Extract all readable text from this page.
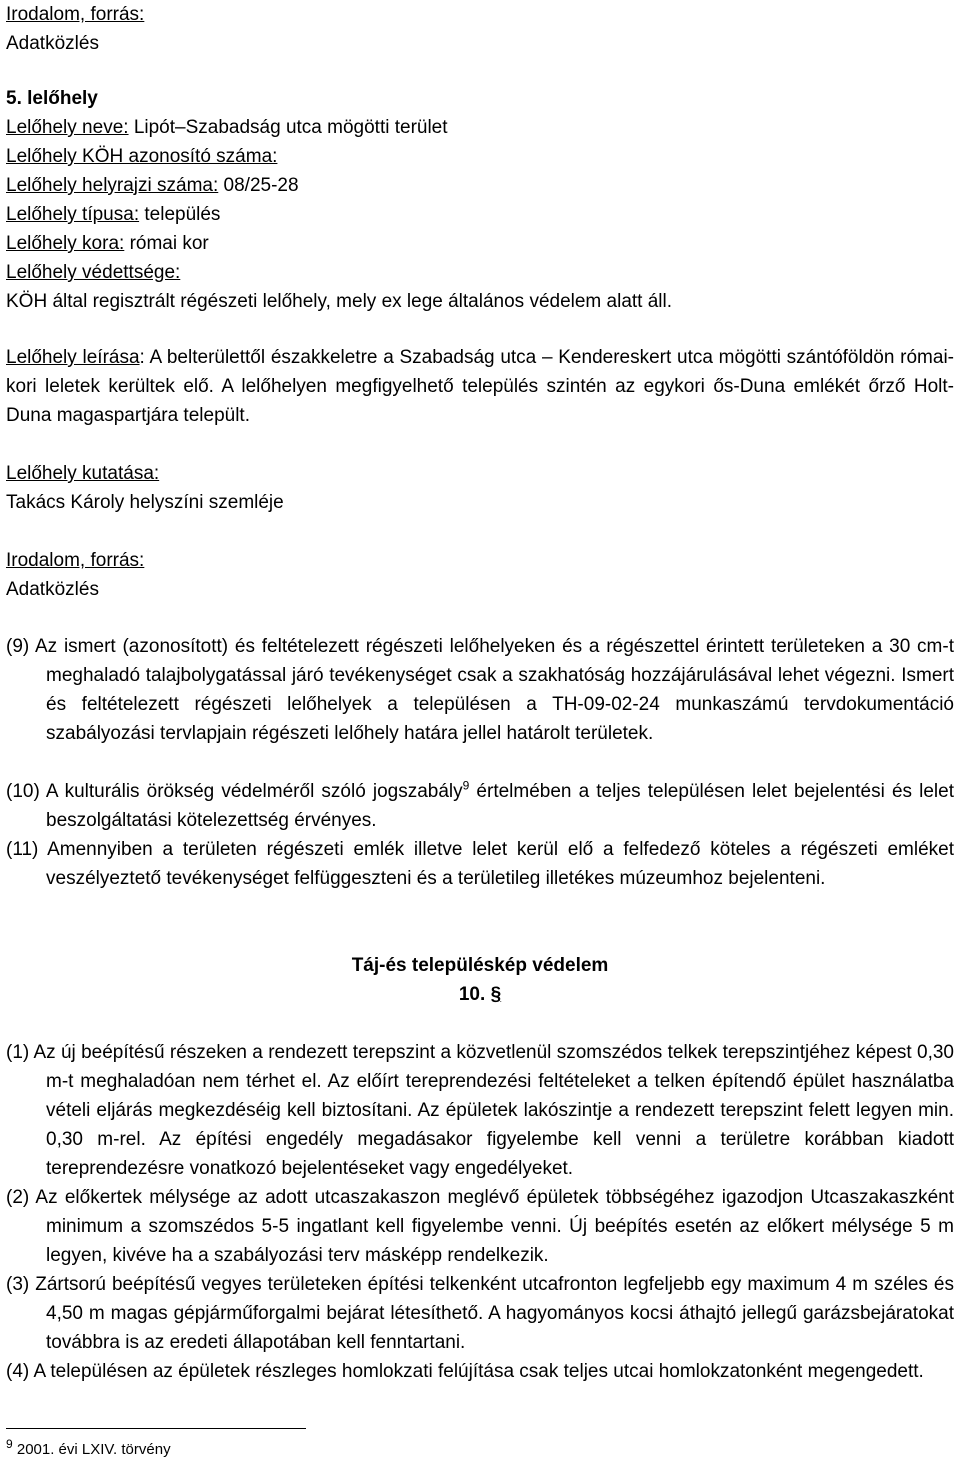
Irodalom, forrás:
Adatközlés
5. lelőhely
Lelőhely neve: Lipót–Szabadság utca mögötti terület
Lelőhely KÖH azonosító száma:
Lelőhely helyrajzi száma: 08/25-28
Lelőhely típusa: település
Lelőhely kora: római kor
Lelőhely védettsége:
KÖH által regisztrált régészeti lelőhely, mely ex lege általános védelem alatt áll.
Lelőhely leírása: A belterülettől északkeletre a Szabadság utca – Kendereskert utca mögötti szántóföldön római-kori leletek kerültek elő. A lelőhelyen megfigyelhető település szintén az egykori ős-Duna emlékét őrző Holt-Duna magaspartjára települt.
Lelőhely kutatása:
Takács Károly helyszíni szemléje
Irodalom, forrás:
Adatközlés
(9) Az ismert (azonosított) és feltételezett régészeti lelőhelyeken és a régészettel érintett területeken a 30 cm-t meghaladó talajbolygatással járó tevékenységet csak a szakhatóság hozzájárulásával lehet végezni. Ismert és feltételezett régészeti lelőhelyek a településen a TH-09-02-24 munkaszámú tervdokumentáció szabályozási tervlapjain régészeti lelőhely határa jellel határolt területek.
(10) A kulturális örökség védelméről szóló jogszabály$^9$ értelmében a teljes településen lelet bejelentési és lelet beszolgáltatási kötelezettség érvényes.
(11) Amennyiben a területen régészeti emlék illetve lelet kerül elő a felfedező köteles a régészeti emléket veszélyeztető tevékenységet felfüggeszteni és a területileg illetékes múzeumhoz bejelenteni.
Táj-és településkép védelem
10. §
(1) Az új beépítésű részeken a rendezett terepszint a közvetlenül szomszédos telkek terepszintjéhez képest 0,30 m-t meghaladóan nem térhet el. Az előírt tereprendezési feltételeket a telken építendő épület használatba vételi eljárás megkezdéséig kell biztosítani. Az épületek lakószintje a rendezett terepszint felett legyen min. 0,30 m-rel. Az építési engedély megadásakor figyelembe kell venni a területre korábban kiadott tereprendezésre vonatkozó bejelentéseket vagy engedélyeket.
(2) Az előkertek mélysége az adott utcaszakaszon meglévő épületek többségéhez igazodjon Utcaszakaszként minimum a szomszédos 5-5 ingatlant kell figyelembe venni. Új beépítés esetén az előkert mélysége 5 m legyen, kivéve ha a szabályozási terv másképp rendelkezik.
(3) Zártsorú beépítésű vegyes területeken építési telkenként utcafronton legfeljebb egy maximum 4 m széles és 4,50 m magas gépjárműforgalmi bejárat létesíthető. A hagyományos kocsi áthajtó jellegű garázsbejáratokat továbbra is az eredeti állapotában kell fenntartani.
(4) A településen az épületek részleges homlokzati felújítása csak teljes utcai homlokzatonként megengedett.
$^9$ 2001. évi LXIV. törvény
